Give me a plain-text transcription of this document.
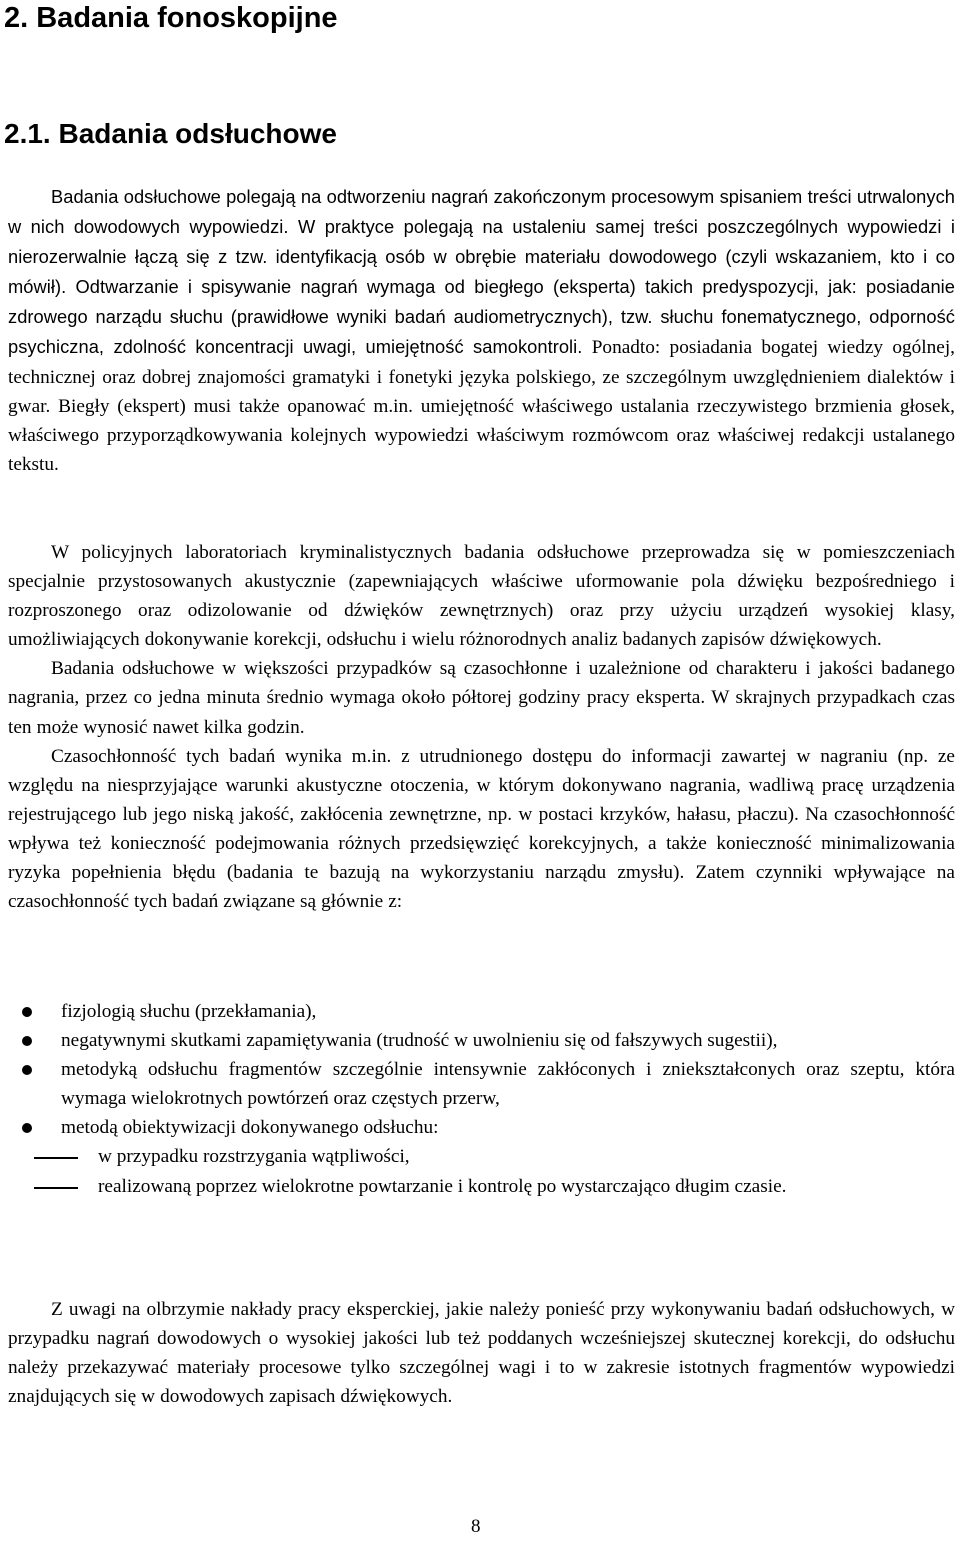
2. Badania fonoskopijne
2.1. Badania odsłuchowe

Badania odsłuchowe polegają na odtworzeniu nagrań zakończonym procesowym spisaniem treści utrwalonych w nich dowodowych wypowiedzi. W praktyce polegają na ustaleniu samej treści poszczególnych wypowiedzi i nierozerwalnie łączą się z tzw. identyfikacją osób w obrębie materiału dowodowego (czyli wskazaniem, kto i co mówił). Odtwarzanie i spisywanie nagrań wymaga od biegłego (eksperta) takich predyspozycji, jak: posiadanie zdrowego narządu słuchu (prawidłowe wyniki badań audiometrycznych), tzw. słuchu fonematycznego, odporność psychiczna, zdolność koncentracji uwagi, umiejętność samokontroli. Ponadto: posiadania bogatej wiedzy ogólnej, technicznej oraz dobrej znajomości gramatyki i fonetyki języka polskiego, ze szczególnym uwzględnieniem dialektów i gwar. Biegły (ekspert) musi także opanować m.in. umiejętność właściwego ustalania rzeczywistego brzmienia głosek, właściwego przyporządkowywania kolejnych wypowiedzi właściwym rozmówcom oraz właściwej redakcji ustalanego tekstu.

W policyjnych laboratoriach kryminalistycznych badania odsłuchowe przeprowadza się w pomieszczeniach specjalnie przystosowanych akustycznie (zapewniających właściwe uformowanie pola dźwięku bezpośredniego i rozproszonego oraz odizolowanie od dźwięków zewnętrznych) oraz przy użyciu urządzeń wysokiej klasy, umożliwiających dokonywanie korekcji, odsłuchu i wielu różnorodnych analiz badanych zapisów dźwiękowych.

Badania odsłuchowe w większości przypadków są czasochłonne i uzależnione od charakteru i jakości badanego nagrania, przez co jedna minuta średnio wymaga około półtorej godziny pracy eksperta. W skrajnych przypadkach czas ten może wynosić nawet kilka godzin.

Czasochłonność tych badań wynika m.in. z utrudnionego dostępu do informacji zawartej w nagraniu (np. ze względu na niesprzyjające warunki akustyczne otoczenia, w którym dokonywano nagrania, wadliwą pracę urządzenia rejestrującego lub jego niską jakość, zakłócenia zewnętrzne, np. w postaci krzyków, hałasu, płaczu). Na czasochłonność wpływa też konieczność podejmowania różnych przedsięwzięć korekcyjnych, a także konieczność minimalizowania ryzyka popełnienia błędu (badania te bazują na wykorzystaniu narządu zmysłu). Zatem czynniki wpływające na czasochłonność tych badań związane są głównie z:

fizjologią słuchu (przekłamania),
negatywnymi skutkami zapamiętywania (trudność w uwolnieniu się od fałszywych sugestii),
metodyką odsłuchu fragmentów szczególnie intensywnie zakłóconych i zniekształconych oraz szeptu, która wymaga wielokrotnych powtórzeń oraz częstych przerw,
metodą obiektywizacji dokonywanego odsłuchu:
w przypadku rozstrzygania wątpliwości,
realizowaną poprzez wielokrotne powtarzanie i kontrolę po wystarczająco długim czasie.

Z uwagi na olbrzymie nakłady pracy eksperckiej, jakie należy ponieść przy wykonywaniu badań odsłuchowych, w przypadku nagrań dowodowych o wysokiej jakości lub też poddanych wcześniejszej skutecznej korekcji, do odsłuchu należy przekazywać materiały procesowe tylko szczególnej wagi i to w zakresie istotnych fragmentów wypowiedzi znajdujących się w dowodowych zapisach dźwiękowych.

8
